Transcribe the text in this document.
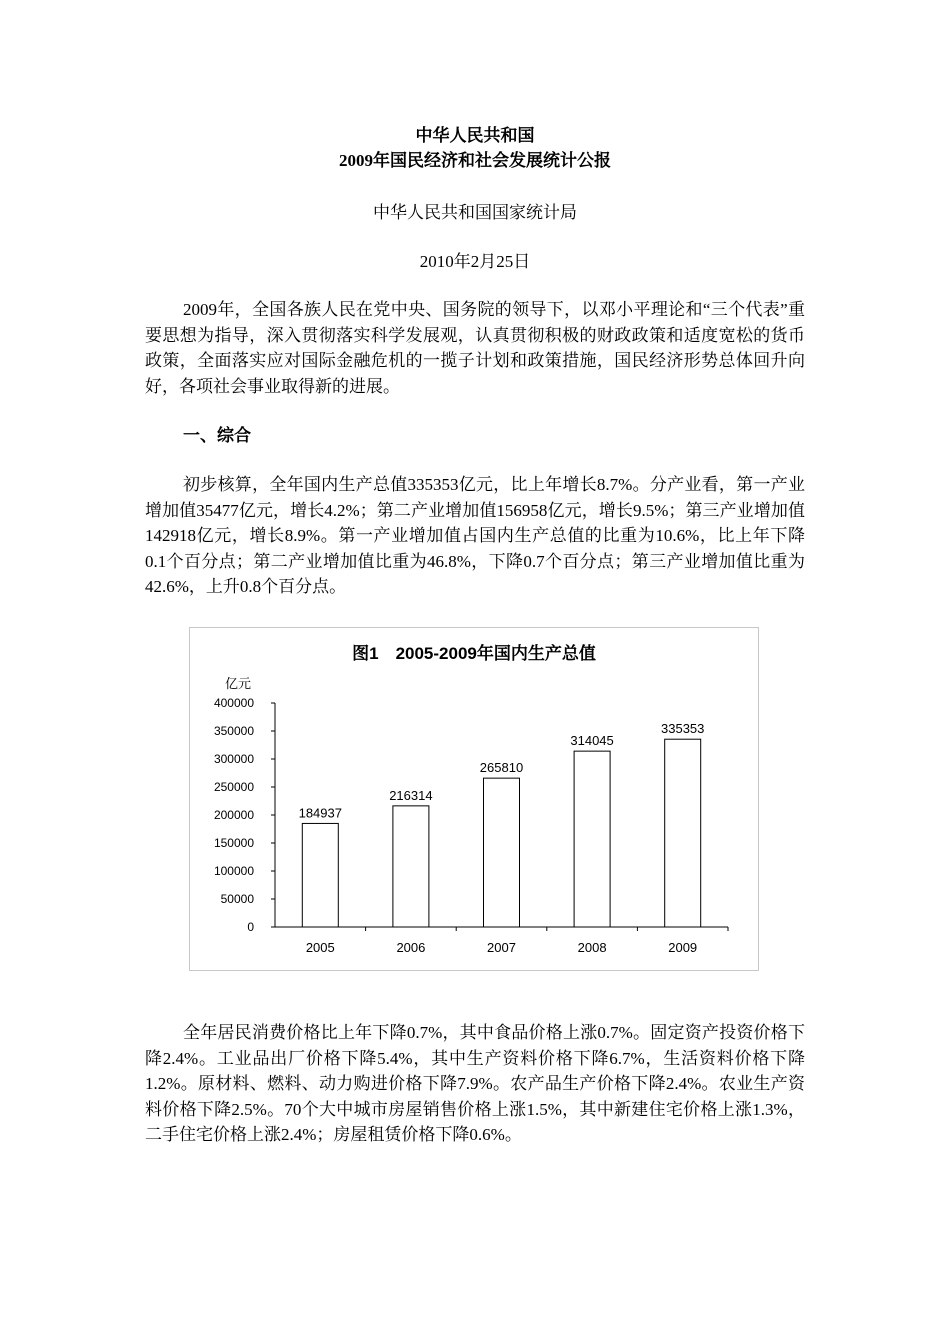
中华人民共和国
2009年国民经济和社会发展统计公报
中华人民共和国国家统计局
2010年2月25日
2009年，全国各族人民在党中央、国务院的领导下，以邓小平理论和“三个代表”重要思想为指导，深入贯彻落实科学发展观，认真贯彻积极的财政政策和适度宽松的货币政策，全面落实应对国际金融危机的一揽子计划和政策措施，国民经济形势总体回升向好，各项社会事业取得新的进展。
一、综合
初步核算，全年国内生产总值335353亿元，比上年增长8.7%。分产业看，第一产业增加值35477亿元，增长4.2%；第二产业增加值156958亿元，增长9.5%；第三产业增加值142918亿元，增长8.9%。第一产业增加值占国内生产总值的比重为10.6%，比上年下降0.1个百分点；第二产业增加值比重为46.8%，下降0.7个百分点；第三产业增加值比重为42.6%，上升0.8个百分点。
图1　2005-2009年国内生产总值
亿元
0
50000
100000
150000
200000
250000
300000
350000
400000
184937
2005
216314
2006
265810
2007
314045
2008
335353
2009
全年居民消费价格比上年下降0.7%，其中食品价格上涨0.7%。固定资产投资价格下降2.4%。工业品出厂价格下降5.4%，其中生产资料价格下降6.7%，生活资料价格下降1.2%。原材料、燃料、动力购进价格下降7.9%。农产品生产价格下降2.4%。农业生产资料价格下降2.5%。70个大中城市房屋销售价格上涨1.5%，其中新建住宅价格上涨1.3%，二手住宅价格上涨2.4%；房屋租赁价格下降0.6%。
